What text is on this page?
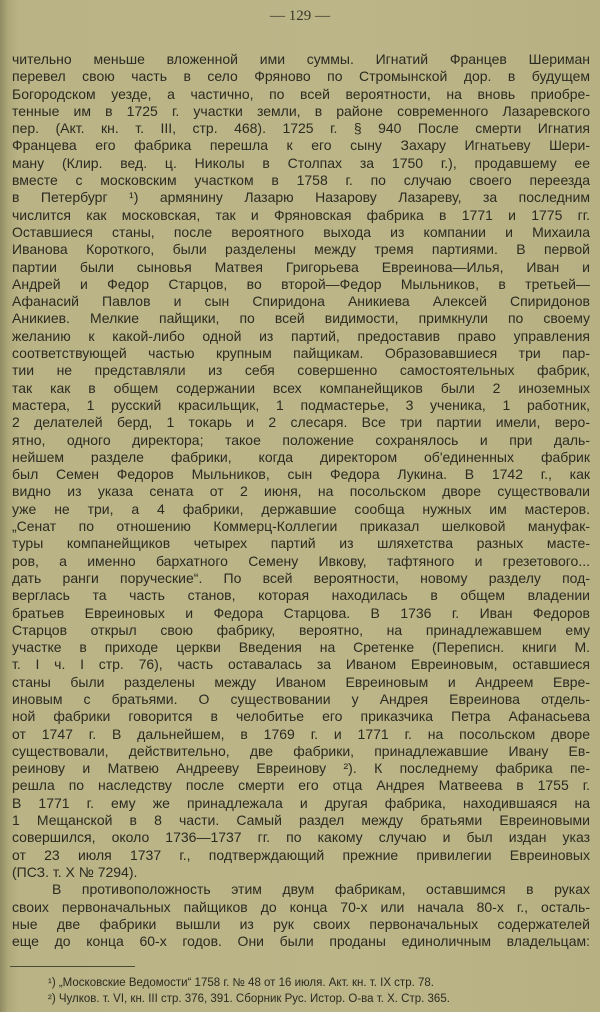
— 129 —
чительно меньше вложенной ими суммы. Игнатий Францев Шериман
перевел свою часть в село Фряново по Стромынской дор. в будущем
Богородском уезде, а частично, по всей вероятности, на вновь приобре-
тенные им в 1725 г. участки земли, в районе современного Лазаревского
пер. (Акт. кн. т. III, стр. 468). 1725 г. § 940 После смерти Игнатия
Францева его фабрика перешла к его сыну Захару Игнатьеву Шери-
ману (Клир. вед. ц. Николы в Столпах за 1750 г.), продавшему ее
вместе с московским участком в 1758 г. по случаю своего переезда
в Петербург ¹) армянину Лазарю Назарову Лазареву, за последним
числится как московская, так и Фряновская фабрика в 1771 и 1775 гг.
Оставшиеся станы, после вероятного выхода из компании и Михаила
Иванова Короткого, были разделены между тремя партиями. В первой
партии были сыновья Матвея Григорьева Евреинова—Илья, Иван и
Андрей и Федор Старцов, во второй—Федор Мыльников, в третьей—
Афанасий Павлов и сын Спиридона Аникиева Алексей Спиридонов
Аникиев. Мелкие пайщики, по всей видимости, примкнули по своему
желанию к какой-либо одной из партий, предоставив право управления
соответствующей частью крупным пайщикам. Образовавшиеся три пар-
тии не представляли из себя совершенно самостоятельных фабрик,
так как в общем содержании всех компанейщиков были 2 иноземных
мастера, 1 русский красильщик, 1 подмастерье, 3 ученика, 1 работник,
2 делателей берд, 1 токарь и 2 слесаря. Все три партии имели, веро-
ятно, одного директора; такое положение сохранялось и при даль-
нейшем разделе фабрики, когда директором об'единенных фабрик
был Семен Федоров Мыльников, сын Федора Лукина. В 1742 г., как
видно из указа сената от 2 июня, на посольском дворе существовали
уже не три, а 4 фабрики, державшие сообща нужных им мастеров.
„Сенат по отношению Коммерц-Коллегии приказал шелковой мануфак-
туры компанейщиков четырех партий из шляхетства разных масте-
ров, а именно бархатного Семену Ивкову, тафтяного и грезетового...
дать ранги поручеcкие“. По всей вероятности, новому разделу под-
верглась та часть станов, которая находилась в общем владении
братьев Евреиновых и Федора Старцова. В 1736 г. Иван Федоров
Старцов открыл свою фабрику, вероятно, на принадлежавшем ему
участке в приходе церкви Введения на Сретенке (Переписн. книги М.
т. I ч. I стр. 76), часть оставалась за Иваном Евреиновым, оставшиеся
станы были разделены между Иваном Евреиновым и Андреем Евре-
иновым с братьями. О существовании у Андрея Евреинова отдель-
ной фабрики говорится в челобитье его приказчика Петра Афанасьева
от 1747 г. В дальнейшем, в 1769 г. и 1771 г. на посольском дворе
существовали, действительно, две фабрики, принадлежавшие Ивану Ев-
реинову и Матвею Андрееву Евреинову ²). К последнему фабрика пе-
решла по наследству после смерти его отца Андрея Матвеева в 1755 г.
В 1771 г. ему же принадлежала и другая фабрика, находившаяся на
1 Мещанской в 8 части. Самый раздел между братьями Евреиновыми
совершился, около 1736—1737 гг. по какому случаю и был издан указ
от 23 июля 1737 г., подтверждающий прежние привилегии Евреиновых
(ПСЗ. т. X № 7294).
В противоположность этим двум фабрикам, оставшимся в руках
своих первоначальных пайщиков до конца 70-х или начала 80-х г., осталь-
ные две фабрики вышли из рук своих первоначальных содержателей
еще до конца 60-х годов. Они были проданы единоличным владельцам:
¹) „Московские Ведомости“ 1758 г. № 48 от 16 июля. Акт. кн. т. IX стр. 78.
²) Чулков. т. VI, кн. III стр. 376, 391. Сборник Рус. Истор. О-ва т. X. Стр. 365.
